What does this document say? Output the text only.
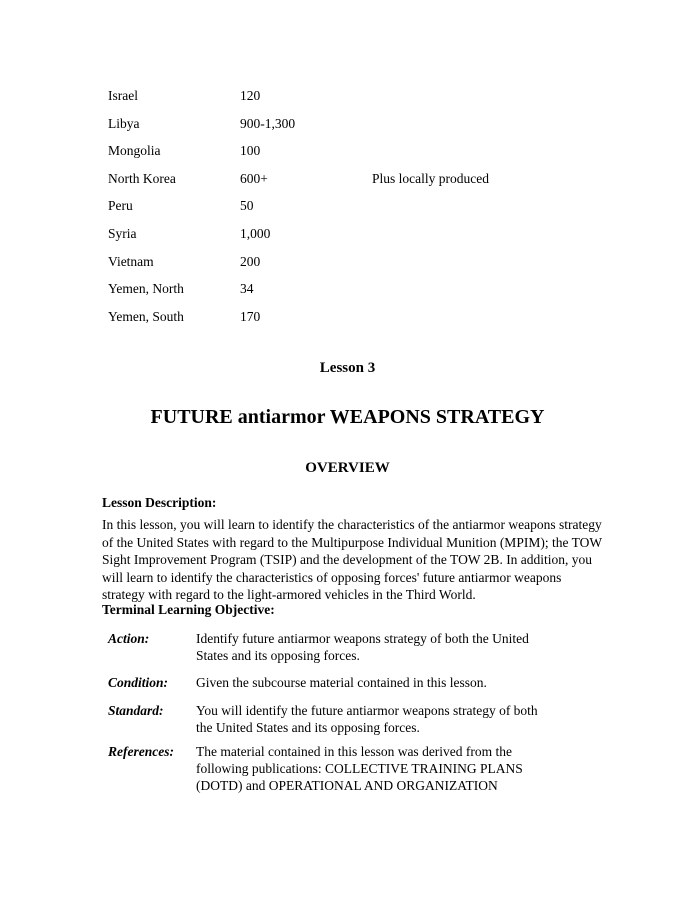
Israel	120
Libya	900-1,300
Mongolia	100
North Korea	600+	Plus locally produced
Peru	50
Syria	1,000
Vietnam	200
Yemen, North	34
Yemen, South	170
Lesson 3
FUTURE antiarmor WEAPONS STRATEGY
OVERVIEW
Lesson Description:
In this lesson, you will learn to identify the characteristics of the antiarmor weapons strategy of the United States with regard to the Multipurpose Individual Munition (MPIM); the TOW Sight Improvement Program (TSIP) and the development of the TOW 2B. In addition, you will learn to identify the characteristics of opposing forces' future antiarmor weapons strategy with regard to the light-armored vehicles in the Third World.
Terminal Learning Objective:
Action:	Identify future antiarmor weapons strategy of both the United States and its opposing forces.
Condition: Given the subcourse material contained in this lesson.
Standard: You will identify the future antiarmor weapons strategy of both the United States and its opposing forces.
References: The material contained in this lesson was derived from the following publications: COLLECTIVE TRAINING PLANS (DOTD) and OPERATIONAL AND ORGANIZATION
